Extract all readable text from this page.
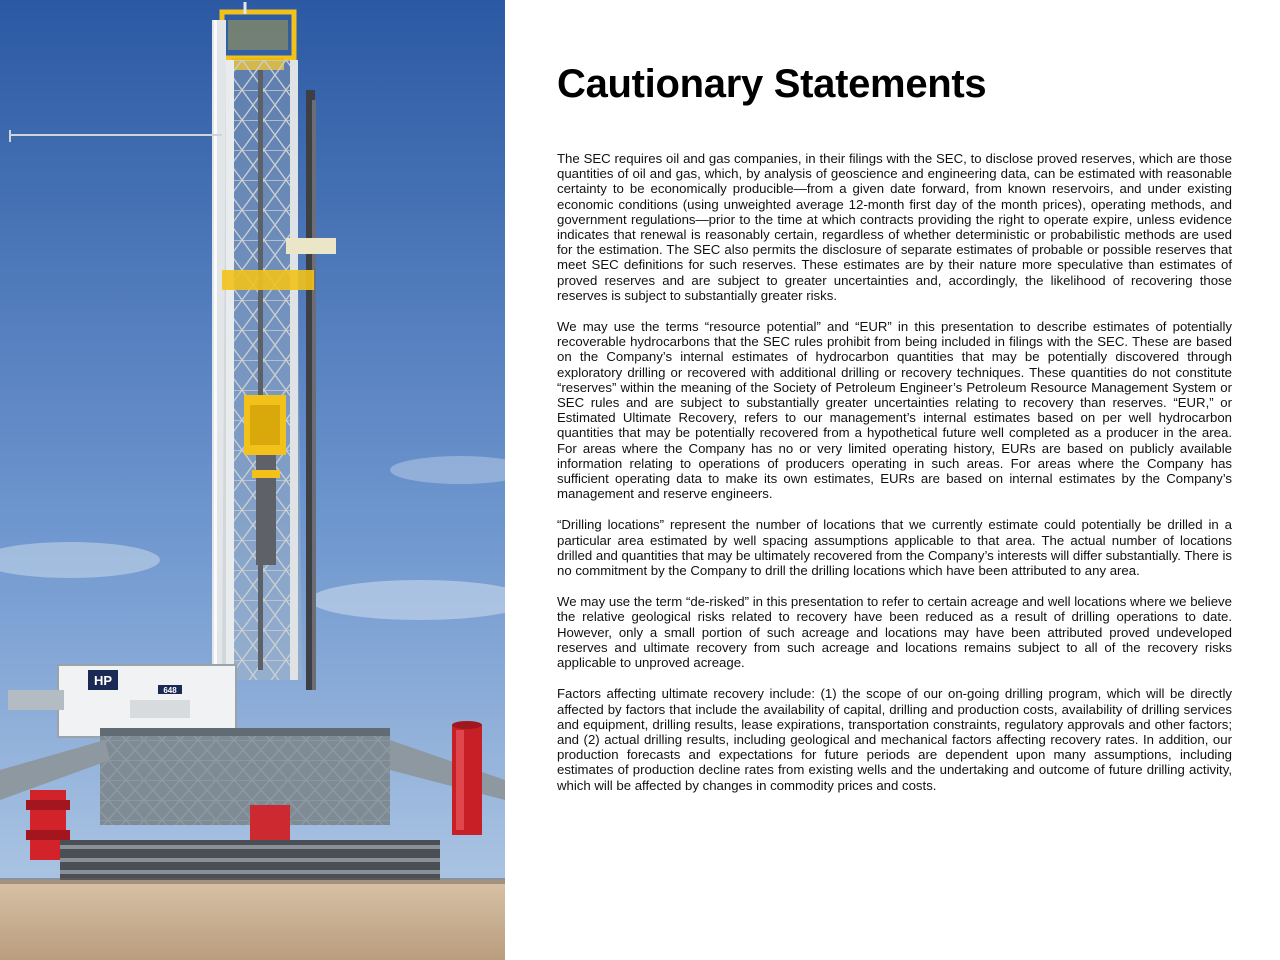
HP
648
Cautionary Statements

The SEC requires oil and gas companies, in their filings with the SEC, to disclose proved reserves, which are those quantities of oil and gas, which, by analysis of geoscience and engineering data, can be estimated with reasonable certainty to be economically producible—from a given date forward, from known reservoirs, and under existing economic conditions (using unweighted average 12-month first day of the month prices), operating methods, and government regulations—prior to the time at which contracts providing the right to operate expire, unless evidence indicates that renewal is reasonably certain, regardless of whether deterministic or probabilistic methods are used for the estimation. The SEC also permits the disclosure of separate estimates of probable or possible reserves that meet SEC definitions for such reserves. These estimates are by their nature more speculative than estimates of proved reserves and are subject to greater uncertainties and, accordingly, the likelihood of recovering those reserves is subject to substantially greater risks.

We may use the terms “resource potential” and “EUR” in this presentation to describe estimates of potentially recoverable hydrocarbons that the SEC rules prohibit from being included in filings with the SEC. These are based on the Company’s internal estimates of hydrocarbon quantities that may be potentially discovered through exploratory drilling or recovered with additional drilling or recovery techniques. These quantities do not constitute “reserves” within the meaning of the Society of Petroleum Engineer’s Petroleum Resource Management System or SEC rules and are subject to substantially greater uncertainties relating to recovery than reserves. “EUR,” or Estimated Ultimate Recovery, refers to our management’s internal estimates based on per well hydrocarbon quantities that may be potentially recovered from a hypothetical future well completed as a producer in the area. For areas where the Company has no or very limited operating history, EURs are based on publicly available information relating to operations of producers operating in such areas. For areas where the Company has sufficient operating data to make its own estimates, EURs are based on internal estimates by the Company’s management and reserve engineers.

“Drilling locations” represent the number of locations that we currently estimate could potentially be drilled in a particular area estimated by well spacing assumptions applicable to that area. The actual number of locations drilled and quantities that may be ultimately recovered from the Company’s interests will differ substantially. There is no commitment by the Company to drill the drilling locations which have been attributed to any area.

We may use the term “de-risked” in this presentation to refer to certain acreage and well locations where we believe the relative geological risks related to recovery have been reduced as a result of drilling operations to date. However, only a small portion of such acreage and locations may have been attributed proved undeveloped reserves and ultimate recovery from such acreage and locations remains subject to all of the recovery risks applicable to unproved acreage.

Factors affecting ultimate recovery include: (1) the scope of our on-going drilling program, which will be directly affected by factors that include the availability of capital, drilling and production costs, availability of drilling services and equipment, drilling results, lease expirations, transportation constraints, regulatory approvals and other factors; and (2) actual drilling results, including geological and mechanical factors affecting recovery rates. In addition, our production forecasts and expectations for future periods are dependent upon many assumptions, including estimates of production decline rates from existing wells and the undertaking and outcome of future drilling activity, which will be affected by changes in commodity prices and costs.
